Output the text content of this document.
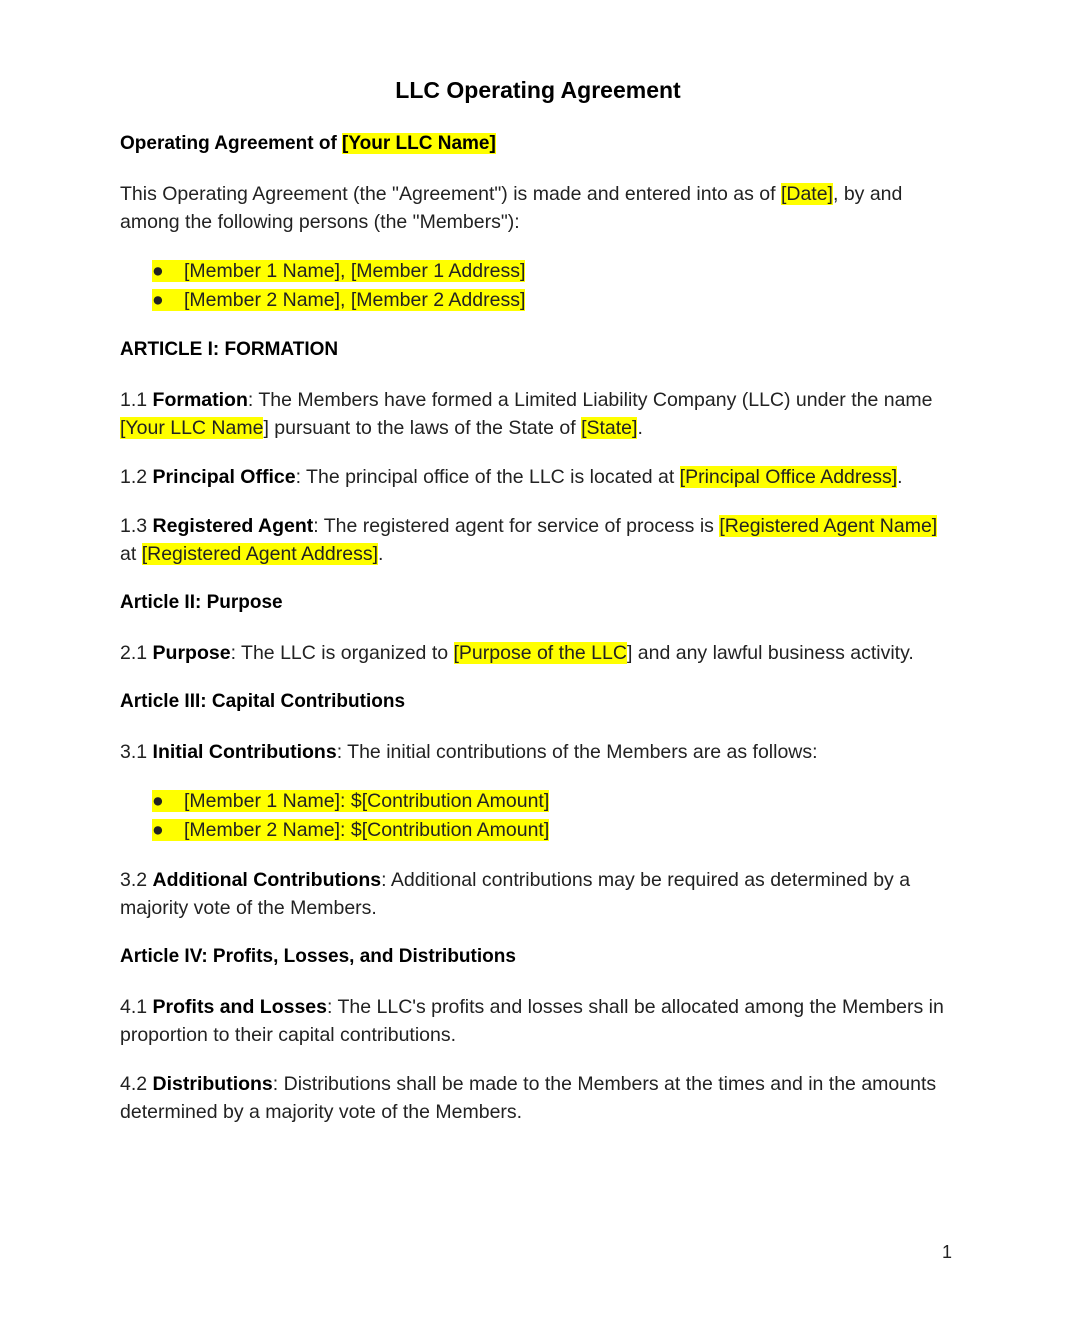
LLC Operating Agreement
Operating Agreement of [Your LLC Name]

This Operating Agreement (the "Agreement") is made and entered into as of [Date], by and among the following persons (the "Members"):

● [Member 1 Name], [Member 1 Address]
● [Member 2 Name], [Member 2 Address]
ARTICLE I: FORMATION

1.1 Formation: The Members have formed a Limited Liability Company (LLC) under the name [Your LLC Name] pursuant to the laws of the State of [State].

1.2 Principal Office: The principal office of the LLC is located at [Principal Office Address].

1.3 Registered Agent: The registered agent for service of process is [Registered Agent Name] at [Registered Agent Address].

Article II: Purpose

2.1 Purpose: The LLC is organized to [Purpose of the LLC] and any lawful business activity.

Article III: Capital Contributions

3.1 Initial Contributions: The initial contributions of the Members are as follows:

● [Member 1 Name]: $[Contribution Amount]
● [Member 2 Name]: $[Contribution Amount]

3.2 Additional Contributions: Additional contributions may be required as determined by a majority vote of the Members.

Article IV: Profits, Losses, and Distributions

4.1 Profits and Losses: The LLC's profits and losses shall be allocated among the Members in proportion to their capital contributions.

4.2 Distributions: Distributions shall be made to the Members at the times and in the amounts determined by a majority vote of the Members.

1
